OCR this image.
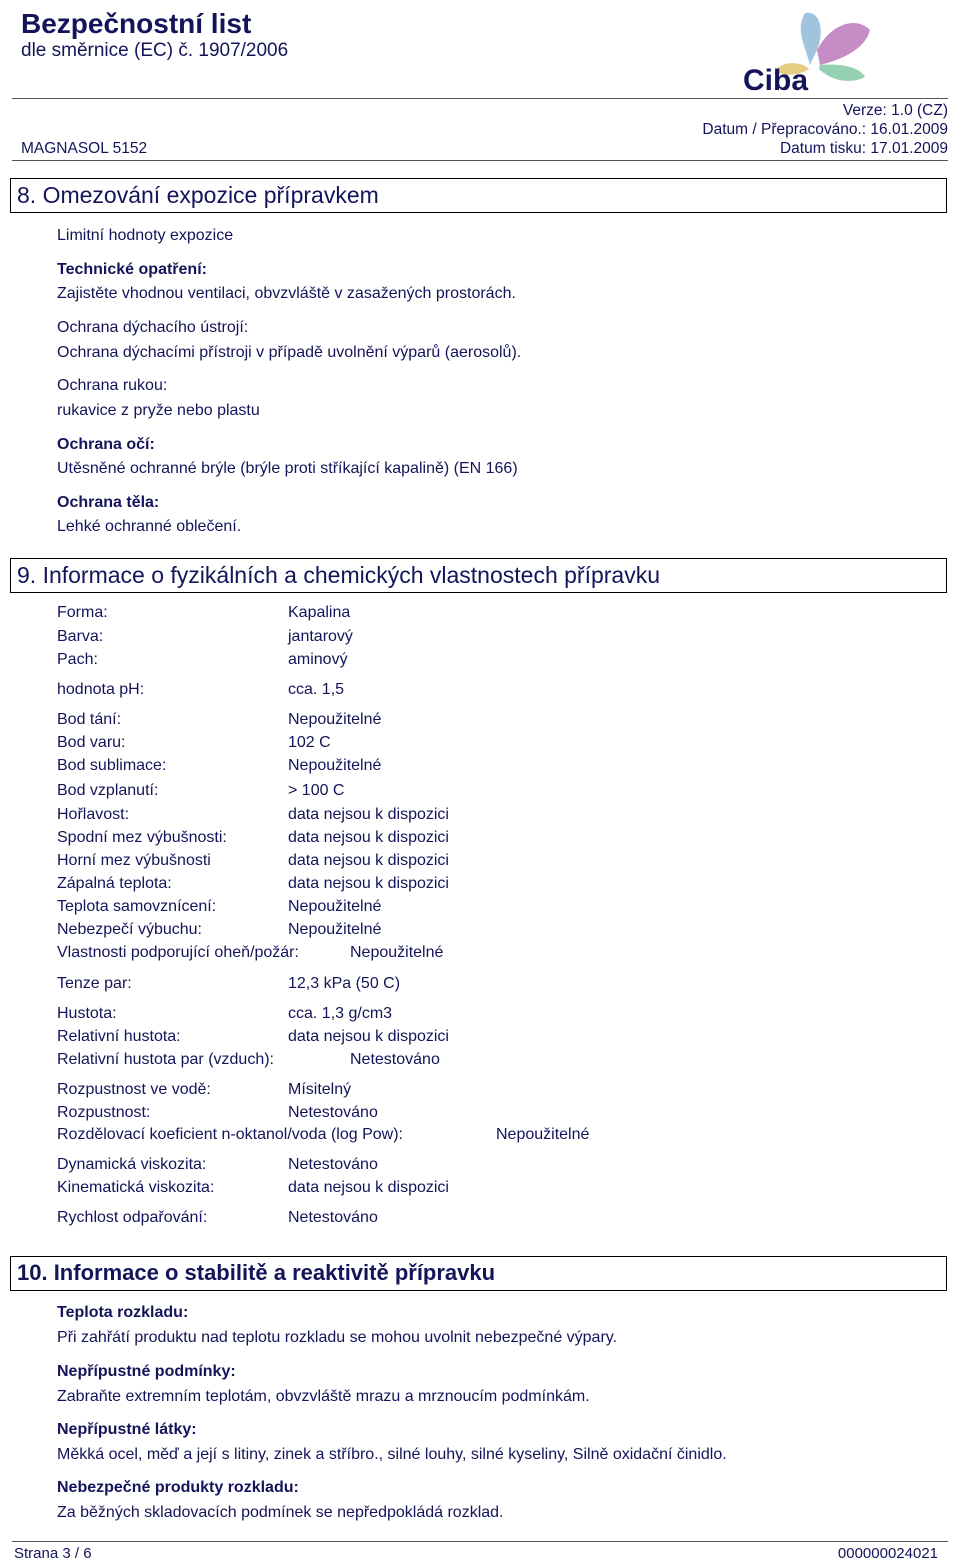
Bezpečnostní list
dle směrnice (EC) č. 1907/2006
Ciba
Verze: 1.0 (CZ)
Datum / Přepracováno.: 16.01.2009
MAGNASOL 5152	Datum tisku: 17.01.2009
8. Omezování expozice přípravkem
Limitní hodnoty expozice
Technické opatření:
Zajistěte vhodnou ventilaci, obvzvláště v zasažených prostorách.
Ochrana dýchacího ústrojí:
Ochrana dýchacími přístroji v případě uvolnění výparů (aerosolů).
Ochrana rukou:
rukavice z pryže nebo plastu
Ochrana očí:
Utěsněné ochranné brýle (brýle proti stříkající kapalině) (EN 166)
Ochrana těla:
Lehké ochranné oblečení.
9. Informace o fyzikálních a chemických vlastnostech přípravku
Forma:	Kapalina
Barva:	jantarový
Pach:	aminový
hodnota pH:	cca. 1,5
Bod tání:	Nepoužitelné
Bod varu:	102 C
Bod sublimace:	Nepoužitelné
Bod vzplanutí:	> 100 C
Hořlavost:	data nejsou k dispozici
Spodní mez výbušnosti:	data nejsou k dispozici
Horní mez výbušnosti	data nejsou k dispozici
Zápalná teplota:	data nejsou k dispozici
Teplota samovznícení:	Nepoužitelné
Nebezpečí výbuchu:	Nepoužitelné
Vlastnosti podporující oheň/požár:	Nepoužitelné
Tenze par:	12,3 kPa (50 C)
Hustota:	cca. 1,3 g/cm3
Relativní hustota:	data nejsou k dispozici
Relativní hustota par (vzduch):	Netestováno
Rozpustnost ve vodě:	Mísitelný
Rozpustnost:	Netestováno
Rozdělovací koeficient n-oktanol/voda (log Pow):	Nepoužitelné
Dynamická viskozita:	Netestováno
Kinematická viskozita:	data nejsou k dispozici
Rychlost odpařování:	Netestováno
10. Informace o stabilitě a reaktivitě přípravku
Teplota rozkladu:
Při zahřátí produktu nad teplotu rozkladu se mohou uvolnit nebezpečné výpary.
Nepřípustné podmínky:
Zabraňte extremním teplotám, obvzvláště mrazu a mrznoucím podmínkám.
Nepřípustné látky:
Měkká ocel, měď a její s litiny, zinek a stříbro., silné louhy, silné kyseliny, Silně oxidační činidlo.
Nebezpečné produkty rozkladu:
Za běžných skladovacích podmínek se nepředpokládá rozklad.
Strana 3 / 6	000000024021
